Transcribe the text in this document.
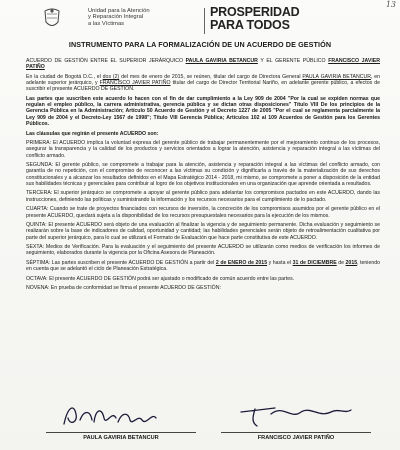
13
Unidad para la Atención
y Reparación Integral
a las Víctimas
PROSPERIDAD
PARA TODOS
INSTRUMENTO PARA LA FORMALIZACIÓN DE UN ACUERDO DE GESTIÓN

ACUERDO DE GESTIÓN ENTRE EL SUPERIOR JERÁRQUICO PAULA GAVIRIA BETANCUR Y EL GERENTE PÚBLICO FRANCISCO JAVIER PATIÑO

En la ciudad de Bogotá D.C., el dos (2) del mes de enero de 2015, se reúnen, titular del cargo de Directora General PAULA GAVIRIA BETANCUR, en adelante superior jerárquico, y FRANCISCO JAVIER PATIÑO titular del cargo de Director Territorial Nariño, en adelante gerente público, a efectos de suscribir el presente ACUERDO DE GESTIÓN.

Las partes que suscriben este acuerdo lo hacen con el fin de dar cumplimiento a la Ley 909 de 2004 "Por la cual se expiden normas que regulan el empleo público, la carrera administrativa, gerencia pública y se dictan otras disposiciones" Título VIII De los principios de la Gerencia Pública en la Administración; Artículo 50 Acuerdo de Gestión y el Decreto 1227 de 2005 "Por el cual se reglamenta parcialmente la Ley 909 de 2004 y el Decreto-Ley 1567 de 1998"; Título VIII Gerencia Pública; Artículos 102 al 109 Acuerdos de Gestión para los Gerentes Públicos.

Las cláusulas que regirán el presente ACUERDO son:

PRIMERA: El ACUERDO implica la voluntad expresa del gerente público de trabajar permanentemente por el mejoramiento continuo de los procesos, asegurar la transparencia y la calidad de los productos y servicios orientados a lograr la atención, asistencia y reparación integral a las víctimas del conflicto armado.

SEGUNDA: El gerente público, se compromete a trabajar para la atención, asistencia y reparación integral a las víctimas del conflicto armado, con garantía de no repetición, con el compromiso de reconocer a las víctimas su condición y dignificarla a través de la materialización de sus derechos constitucionales y a alcanzar los resultados definidos en el Mapa Estratégico 2014 - 2018, mi mismo, se compromete a poner a disposición de la entidad sus habilidades técnicas y gerenciales para contribuir al logro de los objetivos institucionales en una organización que aprende orientada a resultados.

TERCERA: El superior jerárquico se compromete a apoyar al gerente público para adelantar los compromisos pactados en este ACUERDO, dando las instrucciones, definiendo las políticas y suministrando la información y los recursos necesarios para el cumplimiento de lo pactado.

CUARTA: Cuando se trate de proyectos financiados con recursos de inversión, la concreción de los compromisos asumidos por el gerente público en el presente ACUERDO, quedará sujeta a la disponibilidad de los recursos presupuestales necesarios para la ejecución de los mismos.

QUINTA: El presente ACUERDO será objeto de una evaluación al finalizar la vigencia y de seguimiento permanente. Dicha evaluación y seguimiento se realizarán sobre la base de indicadores de calidad, oportunidad y cantidad; las habilidades gerenciales serán objeto de retroalimentación cualitativa por parte del superior jerárquico, para lo cual se utilizará el Formato de Evaluación que hace parte constitutiva de este ACUERDO.

SEXTA: Medios de Verificación. Para la evaluación y el seguimiento del presente ACUERDO se utilizarán como medios de verificación los informes de seguimiento, elaborados durante la vigencia por la Oficina Asesora de Planeación.

SÉPTIMA: Las partes suscriben el presente ACUERDO DE GESTIÓN a partir del 2 de ENERO de 2015 y hasta el 31 de DICIEMBRE de 2015, teniendo en cuenta que se adelantó el ciclo de Planeación Estratégica.

OCTAVA: El presente ACUERDO DE GESTIÓN podrá ser ajustado o modificado de común acuerdo entre las partes.

NOVENA: En prueba de conformidad se firma el presente ACUERDO DE GESTIÓN:

PAULA GAVIRIA BETANCUR	FRANCISCO JAVIER PATIÑO
